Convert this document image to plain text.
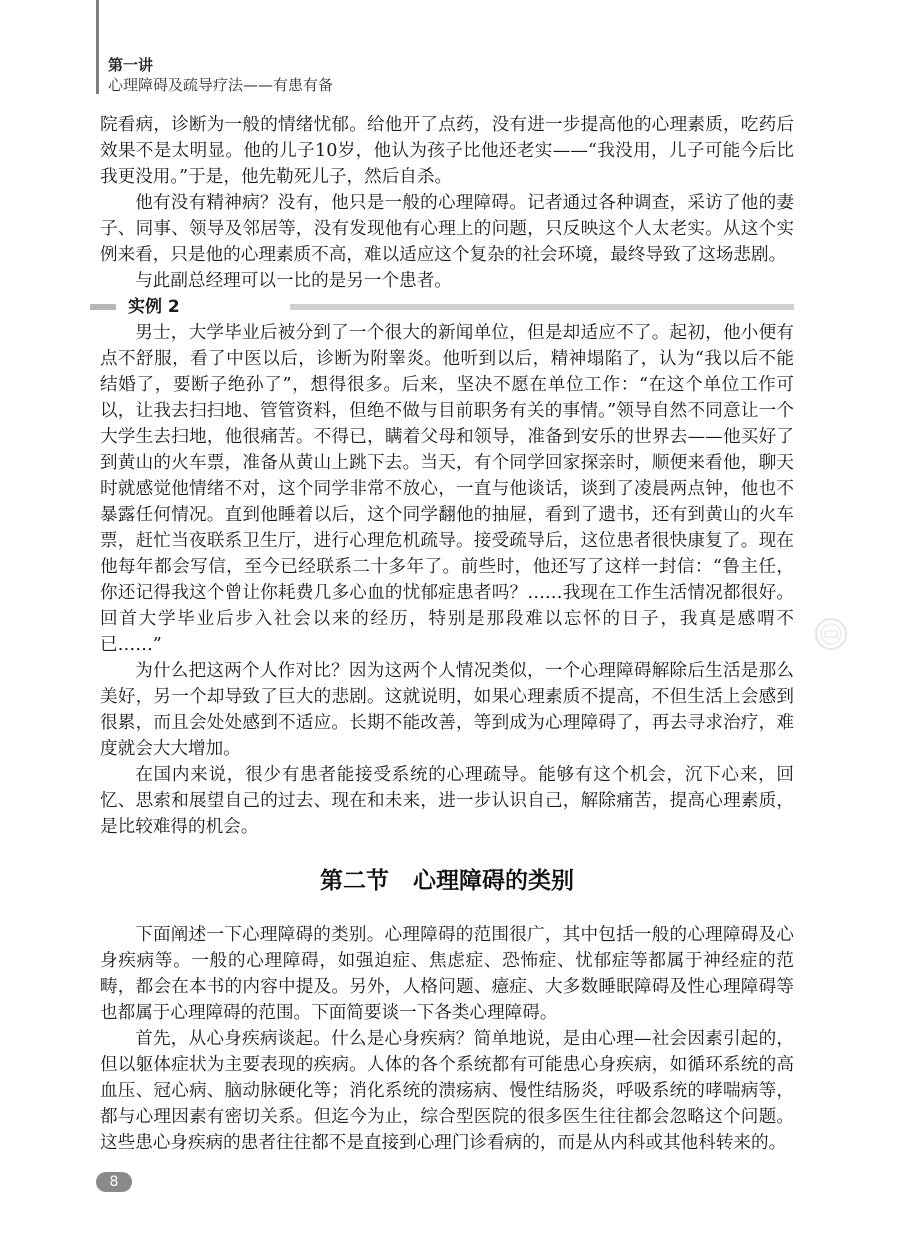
第一讲
心理障碍及疏导疗法——有患有备

院看病，诊断为一般的情绪忧郁。给他开了点药，没有进一步提高他的心理素质，吃药后效果不是太明显。他的儿子10岁，他认为孩子比他还老实——“我没用，儿子可能今后比我更没用。”于是，他先勒死儿子，然后自杀。

他有没有精神病？没有，他只是一般的心理障碍。记者通过各种调查，采访了他的妻子、同事、领导及邻居等，没有发现他有心理上的问题，只反映这个人太老实。从这个实例来看，只是他的心理素质不高，难以适应这个复杂的社会环境，最终导致了这场悲剧。

与此副总经理可以一比的是另一个患者。

实例 2

男士，大学毕业后被分到了一个很大的新闻单位，但是却适应不了。起初，他小便有点不舒服，看了中医以后，诊断为附睾炎。他听到以后，精神塌陷了，认为“我以后不能结婚了，要断子绝孙了”，想得很多。后来，坚决不愿在单位工作：“在这个单位工作可以，让我去扫扫地、管管资料，但绝不做与目前职务有关的事情。”领导自然不同意让一个大学生去扫地，他很痛苦。不得已，瞒着父母和领导，准备到安乐的世界去——他买好了到黄山的火车票，准备从黄山上跳下去。当天，有个同学回家探亲时，顺便来看他，聊天时就感觉他情绪不对，这个同学非常不放心，一直与他谈话，谈到了凌晨两点钟，他也不暴露任何情况。直到他睡着以后，这个同学翻他的抽屉，看到了遗书，还有到黄山的火车票，赶忙当夜联系卫生厅，进行心理危机疏导。接受疏导后，这位患者很快康复了。现在他每年都会写信，至今已经联系二十多年了。前些时，他还写了这样一封信：“鲁主任，你还记得我这个曾让你耗费几多心血的忧郁症患者吗？……我现在工作生活情况都很好。回首大学毕业后步入社会以来的经历，特别是那段难以忘怀的日子，我真是感喟不已……”

为什么把这两个人作对比？因为这两个人情况类似，一个心理障碍解除后生活是那么美好，另一个却导致了巨大的悲剧。这就说明，如果心理素质不提高，不但生活上会感到很累，而且会处处感到不适应。长期不能改善，等到成为心理障碍了，再去寻求治疗，难度就会大大增加。

在国内来说，很少有患者能接受系统的心理疏导。能够有这个机会，沉下心来，回忆、思索和展望自己的过去、现在和未来，进一步认识自己，解除痛苦，提高心理素质，是比较难得的机会。

第二节 心理障碍的类别

下面阐述一下心理障碍的类别。心理障碍的范围很广，其中包括一般的心理障碍及心身疾病等。一般的心理障碍，如强迫症、焦虑症、恐怖症、忧郁症等都属于神经症的范畴，都会在本书的内容中提及。另外，人格问题、癔症、大多数睡眠障碍及性心理障碍等也都属于心理障碍的范围。下面简要谈一下各类心理障碍。

首先，从心身疾病谈起。什么是心身疾病？简单地说，是由心理—社会因素引起的，但以躯体症状为主要表现的疾病。人体的各个系统都有可能患心身疾病，如循环系统的高血压、冠心病、脑动脉硬化等；消化系统的溃疡病、慢性结肠炎，呼吸系统的哮喘病等，都与心理因素有密切关系。但迄今为止，综合型医院的很多医生往往都会忽略这个问题。这些患心身疾病的患者往往都不是直接到心理门诊看病的，而是从内科或其他科转来的。

8
